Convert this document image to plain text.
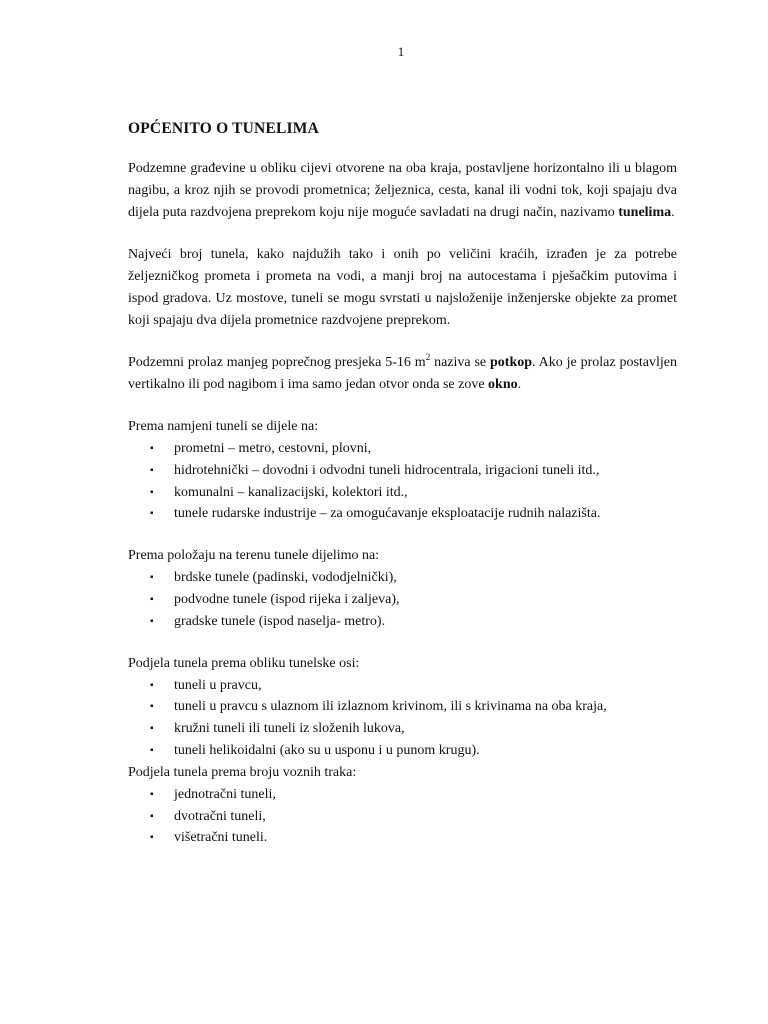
1
OPĆENITO O TUNELIMA

Podzemne građevine u obliku cijevi otvorene na oba kraja, postavljene horizontalno ili u blagom nagibu, a kroz njih se provodi prometnica; željeznica, cesta, kanal ili vodni tok, koji spajaju dva dijela puta razdvojena preprekom koju nije moguće savladati na drugi način, nazivamo tunelima.

Najveći broj tunela, kako najdužih tako i onih po veličini kraćih, izrađen je za potrebe željezničkog prometa i prometa na vodi, a manji broj na autocestama i pješačkim putovima i ispod gradova. Uz mostove, tuneli se mogu svrstati u najsloženije inženjerske objekte za promet koji spajaju dva dijela prometnice razdvojene preprekom.

Podzemni prolaz manjeg poprečnog presjeka 5-16 $m^2$ naziva se potkop. Ako je prolaz postavljen vertikalno ili pod nagibom i ima samo jedan otvor onda se zove okno.

Prema namjeni tuneli se dijele na:

▪ prometni – metro, cestovni, plovni,
▪ hidrotehnički – dovodni i odvodni tuneli hidrocentrala, irigacioni tuneli itd.,
▪ komunalni – kanalizacijski, kolektori itd.,
▪ tunele rudarske industrije – za omogućavanje eksploatacije rudnih nalazišta.

Prema položaju na terenu tunele dijelimo na:

▪ brdske tunele (padinski, vododjelnički),
▪ podvodne tunele (ispod rijeka i zaljeva),
▪ gradske tunele (ispod naselja- metro).

Podjela tunela prema obliku tunelske osi:

▪ tuneli u pravcu,
▪ tuneli u pravcu s ulaznom ili izlaznom krivinom, ili s krivinama na oba kraja,
▪ kružni tuneli ili tuneli iz složenih lukova,
▪ tuneli helikoidalni (ako su u usponu i u punom krugu).

Podjela tunela prema broju voznih traka:

▪ jednotračni tuneli,
▪ dvotračni tuneli,
▪ višetračni tuneli.
